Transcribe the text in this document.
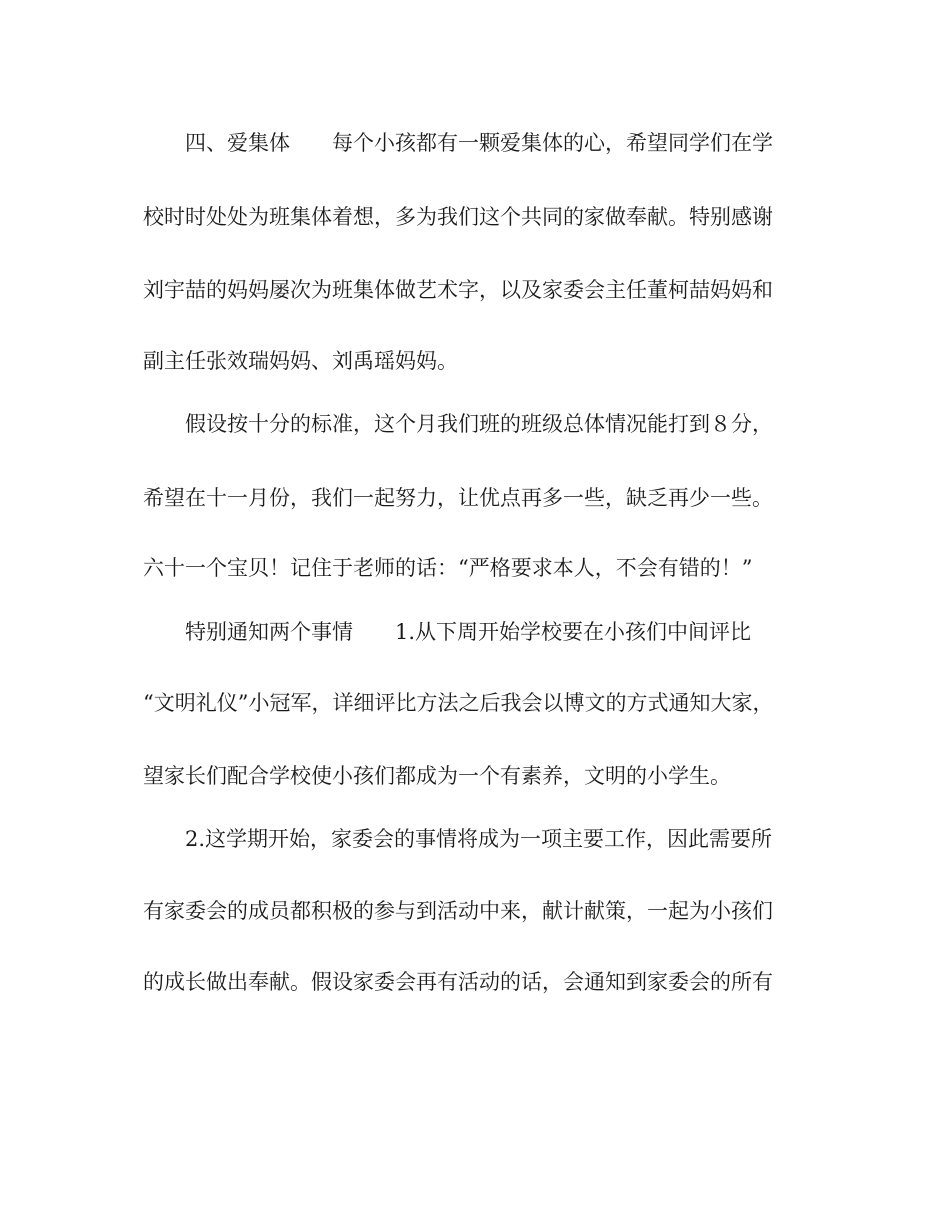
四、爱集体　　每个小孩都有一颗爱集体的心，希望同学们在学

校时时处处为班集体着想，多为我们这个共同的家做奉献。特别感谢

刘宇喆的妈妈屡次为班集体做艺术字，以及家委会主任董柯喆妈妈和

副主任张效瑞妈妈、刘禹瑶妈妈。

假设按十分的标准，这个月我们班的班级总体情况能打到８分，

希望在十一月份，我们一起努力，让优点再多一些，缺乏再少一些。

六十一个宝贝！记住于老师的话：“严格要求本人，不会有错的！”

特别通知两个事情　　1.从下周开始学校要在小孩们中间评比

“文明礼仪”小冠军，详细评比方法之后我会以博文的方式通知大家，

望家长们配合学校使小孩们都成为一个有素养，文明的小学生。

2.这学期开始，家委会的事情将成为一项主要工作，因此需要所

有家委会的成员都积极的参与到活动中来，献计献策，一起为小孩们

的成长做出奉献。假设家委会再有活动的话，会通知到家委会的所有
